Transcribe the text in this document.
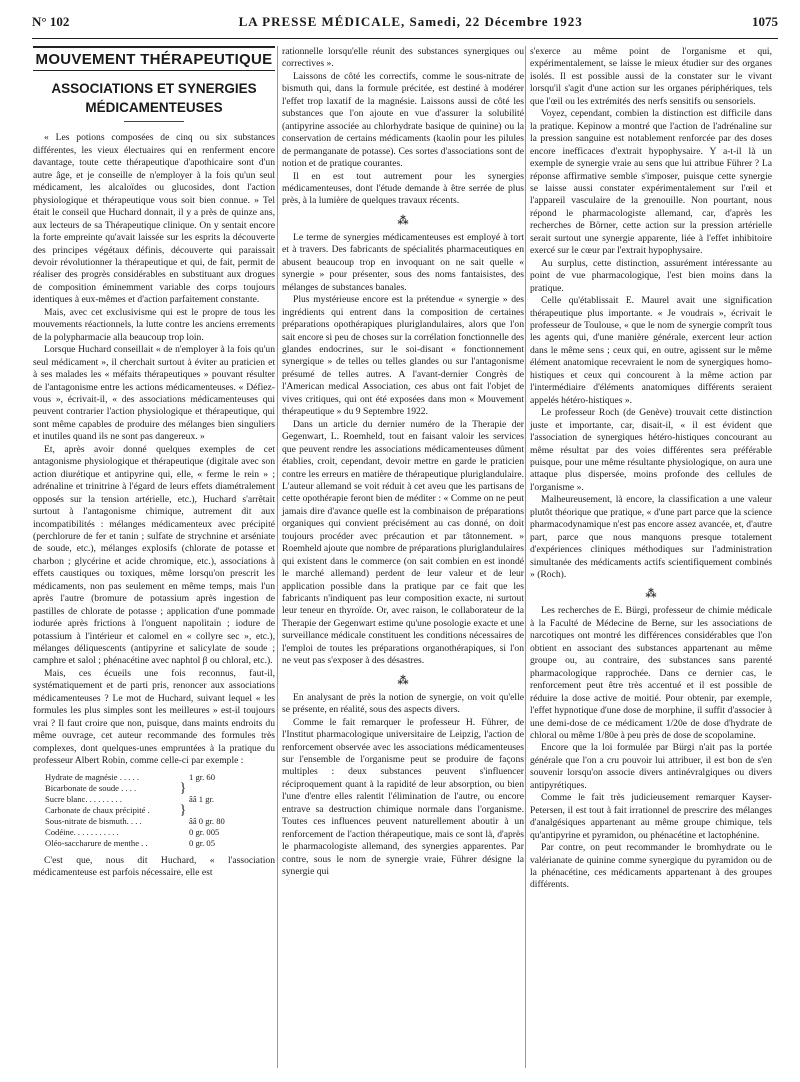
N° 102	LA PRESSE MÉDICALE, Samedi, 22 Décembre 1923	1075
MOUVEMENT THÉRAPEUTIQUE
ASSOCIATIONS ET SYNERGIES
MÉDICAMENTEUSES

« Les potions composées de cinq ou six substances différentes, les vieux électuaires qui en renferment encore davantage, toute cette thérapeutique d'apothicaire sont d'un autre âge, et je conseille de n'employer à la fois qu'un seul médicament, les alcaloïdes ou glucosides, dont l'action physiologique et thérapeutique vous soit bien connue. » Tel était le conseil que Huchard donnait, il y a près de quinze ans, aux lecteurs de sa Thérapeutique clinique. On y sentait encore la forte empreinte qu'avait laissée sur les esprits la découverte des principes végétaux définis, découverte qui paraissait devoir révolutionner la thérapeutique et qui, de fait, permit de réaliser des progrès considérables en substituant aux drogues de composition éminemment variable des corps toujours identiques à eux-mêmes et d'action parfaitement constante.

Mais, avec cet exclusivisme qui est le propre de tous les mouvements réactionnels, la lutte contre les anciens errements de la polypharmacie alla beaucoup trop loin.

Lorsque Huchard conseillait « de n'employer à la fois qu'un seul médicament », il cherchait surtout à éviter au praticien et à ses malades les « méfaits thérapeutiques » pouvant résulter de l'antagonisme entre les actions médicamenteuses. « Défiez-vous », écrivait-il, « des associations médicamenteuses qui peuvent contrarier l'action physiologique et thérapeutique, qui sont même capables de produire des mélanges bien singuliers et inutiles quand ils ne sont pas dangereux. »

Et, après avoir donné quelques exemples de cet antagonisme physiologique et thérapeutique (digitale avec son action diurétique et antipyrine qui, elle, « ferme le rein » ; adrénaline et trinitrine à l'égard de leurs effets diamétralement opposés sur la tension artérielle, etc.), Huchard s'arrêtait surtout à l'antagonisme chimique, autrement dit aux incompatibilités : mélanges médicamenteux avec précipité (perchlorure de fer et tanin ; sulfate de strychnine et arséniate de soude, etc.), mélanges explosifs (chlorate de potasse et charbon ; glycérine et acide chromique, etc.), associations à effets caustiques ou toxiques, même lorsqu'on prescrit les médicaments, non pas seulement en même temps, mais l'un après l'autre (bromure de potassium après ingestion de pastilles de chlorate de potasse ; application d'une pommade iodurée après frictions à l'onguent napolitain ; iodure de potassium à l'intérieur et calomel en « collyre sec », etc.), mélanges déliquescents (antipyrine et salicylate de soude ; camphre et salol ; phénacétine avec naphtol β ou chloral, etc.).

Mais, ces écueils une fois reconnus, faut-il, systématiquement et de parti pris, renoncer aux associations médicamenteuses ? Le mot de Huchard, suivant lequel « les formules les plus simples sont les meilleures » est-il toujours vrai ? Il faut croire que non, puisque, dans maints endroits du même ouvrage, cet auteur recommande des formules très complexes, dont quelques-unes empruntées à la pratique du professeur Albert Robin, comme celle-ci par exemple :

Hydrate de magnésie . . . . .	1 gr. 60
Bicarbonate de soude . . . .	}
Sucre blanc. . . . . . . . .	ââ 1 gr.
Carbonate de chaux précipité .	}
Sous-nitrate de bismuth. . . .	ââ 0 gr. 80
Codéine. . . . . . . . . . .	0 gr. 005
Oléo-saccharure de menthe . .	0 gr. 05

C'est que, nous dit Huchard, « l'association médicamenteuse est parfois nécessaire, elle est

rationnelle lorsqu'elle réunit des substances synergiques ou correctives ».

Laissons de côté les correctifs, comme le sous-nitrate de bismuth qui, dans la formule précitée, est destiné à modérer l'effet trop laxatif de la magnésie. Laissons aussi de côté les substances que l'on ajoute en vue d'assurer la solubilité (antipyrine associée au chlorhydrate basique de quinine) ou la conservation de certains médicaments (kaolin pour les pilules de permanganate de potasse). Ces sortes d'associations sont de notion et de pratique courantes.

Il en est tout autrement pour les synergies médicamenteuses, dont l'étude demande à être serrée de plus près, à la lumière de quelques travaux récents.

⁂

Le terme de synergies médicamenteuses est employé à tort et à travers. Des fabricants de spécialités pharmaceutiques en abusent beaucoup trop en invoquant on ne sait quelle « synergie » pour présenter, sous des noms fantaisistes, des mélanges de substances banales.

Plus mystérieuse encore est la prétendue « synergie » des ingrédients qui entrent dans la composition de certaines préparations opothérapiques pluriglandulaires, alors que l'on sait encore si peu de choses sur la corrélation fonctionnelle des glandes endocrines, sur le soi-disant « fonctionnement synergique » de telles ou telles glandes ou sur l'antagonisme présumé de telles autres. A l'avant-dernier Congrès de l'American medical Association, ces abus ont fait l'objet de vives critiques, qui ont été exposées dans mon « Mouvement thérapeutique » du 9 Septembre 1922.

Dans un article du dernier numéro de la Therapie der Gegenwart, L. Roemheld, tout en faisant valoir les services que peuvent rendre les associations médicamenteuses dûment établies, croit, cependant, devoir mettre en garde le praticien contre les erreurs en matière de thérapeutique pluriglandulaire. L'auteur allemand se voit réduit à cet aveu que les partisans de cette opothérapie feront bien de méditer : « Comme on ne peut jamais dire d'avance quelle est la combinaison de préparations organiques qui convient précisément au cas donné, on doit toujours procéder avec précaution et par tâtonnement. » Roemheld ajoute que nombre de préparations pluriglandulaires qui existent dans le commerce (on sait combien en est inondé le marché allemand) perdent de leur valeur et de leur application possible dans la pratique par ce fait que les fabricants n'indiquent pas leur composition exacte, ni surtout leur teneur en thyroïde. Or, avec raison, le collaborateur de la Therapie der Gegenwart estime qu'une posologie exacte et une surveillance médicale constituent les conditions nécessaires de l'emploi de toutes les préparations organothérapiques, si l'on ne veut pas s'exposer à des désastres.

⁂

En analysant de près la notion de synergie, on voit qu'elle se présente, en réalité, sous des aspects divers.

Comme le fait remarquer le professeur H. Führer, de l'Institut pharmacologique universitaire de Leipzig, l'action de renforcement observée avec les associations médicamenteuses sur l'ensemble de l'organisme peut se produire de façons multiples : deux substances peuvent s'influencer réciproquement quant à la rapidité de leur absorption, ou bien l'une d'entre elles ralentit l'élimination de l'autre, ou encore entrave sa destruction chimique normale dans l'organisme. Toutes ces influences peuvent naturellement aboutir à un renforcement de l'action thérapeutique, mais ce sont là, d'après le pharmacologiste allemand, des synergies apparentes. Par contre, sous le nom de synergie vraie, Führer désigne la synergie qui

s'exerce au même point de l'organisme et qui, expérimentalement, se laisse le mieux étudier sur des organes isolés. Il est possible aussi de la constater sur le vivant lorsqu'il s'agit d'une action sur les organes périphériques, tels que l'œil ou les extrémités des nerfs sensitifs ou sensoriels.

Voyez, cependant, combien la distinction est difficile dans la pratique. Kepinow a montré que l'action de l'adrénaline sur la pression sanguine est notablement renforcée par des doses encore inefficaces d'extrait hypophysaire. Y a-t-il là un exemple de synergie vraie au sens que lui attribue Führer ? La réponse affirmative semble s'imposer, puisque cette synergie se laisse aussi constater expérimentalement sur l'œil et l'appareil vasculaire de la grenouille. Non pourtant, nous répond le pharmacologiste allemand, car, d'après les recherches de Börner, cette action sur la pression artérielle serait surtout une synergie apparente, liée à l'effet inhibitoire exercé sur le cœur par l'extrait hypophysaire.

Au surplus, cette distinction, assurément intéressante au point de vue pharmacologique, l'est bien moins dans la pratique.

Celle qu'établissait E. Maurel avait une signification thérapeutique plus importante. « Je voudrais », écrivait le professeur de Toulouse, « que le nom de synergie comprît tous les agents qui, d'une manière générale, exercent leur action dans le même sens ; ceux qui, en outre, agissent sur le même élément anatomique recevraient le nom de synergiques homo-histiques et ceux qui concourent à la même action par l'intermédiaire d'éléments anatomiques différents seraient appelés hétéro-histiques ».

Le professeur Roch (de Genève) trouvait cette distinction juste et importante, car, disait-il, « il est évident que l'association de synergiques hétéro-histiques concourant au même résultat par des voies différentes sera préférable puisque, pour une même résultante physiologique, on aura une attaque plus dispersée, moins profonde des cellules de l'organisme ».

Malheureusement, là encore, la classification a une valeur plutôt théorique que pratique, « d'une part parce que la science pharmacodynamique n'est pas encore assez avancée, et, d'autre part, parce que nous manquons presque totalement d'expériences cliniques méthodiques sur l'administration simultanée des médicaments actifs scientifiquement combinés » (Roch).

⁂

Les recherches de E. Bürgi, professeur de chimie médicale à la Faculté de Médecine de Berne, sur les associations de narcotiques ont montré les différences considérables que l'on obtient en associant des substances appartenant au même groupe ou, au contraire, des substances sans parenté pharmacologique rapprochée. Dans ce dernier cas, le renforcement peut être très accentué et il est possible de réduire la dose active de moitié. Pour obtenir, par exemple, l'effet hypnotique d'une dose de morphine, il suffit d'associer à une demi-dose de ce médicament 1/20e de dose d'hydrate de chloral ou même 1/80e à peu près de dose de scopolamine.

Encore que la loi formulée par Bürgi n'ait pas la portée générale que l'on a cru pouvoir lui attribuer, il est bon de s'en souvenir lorsqu'on associe divers antinévralgiques ou divers antipyrétiques.

Comme le fait très judicieusement remarquer Kayser-Petersen, il est tout à fait irrationnel de prescrire des mélanges d'analgésiques appartenant au même groupe chimique, tels qu'antipyrine et pyramidon, ou phénacétine et lactophénine.

Par contre, on peut recommander le bromhydrate ou le valérianate de quinine comme synergique du pyramidon ou de la phénacétine, ces médicaments appartenant à des groupes différents.
